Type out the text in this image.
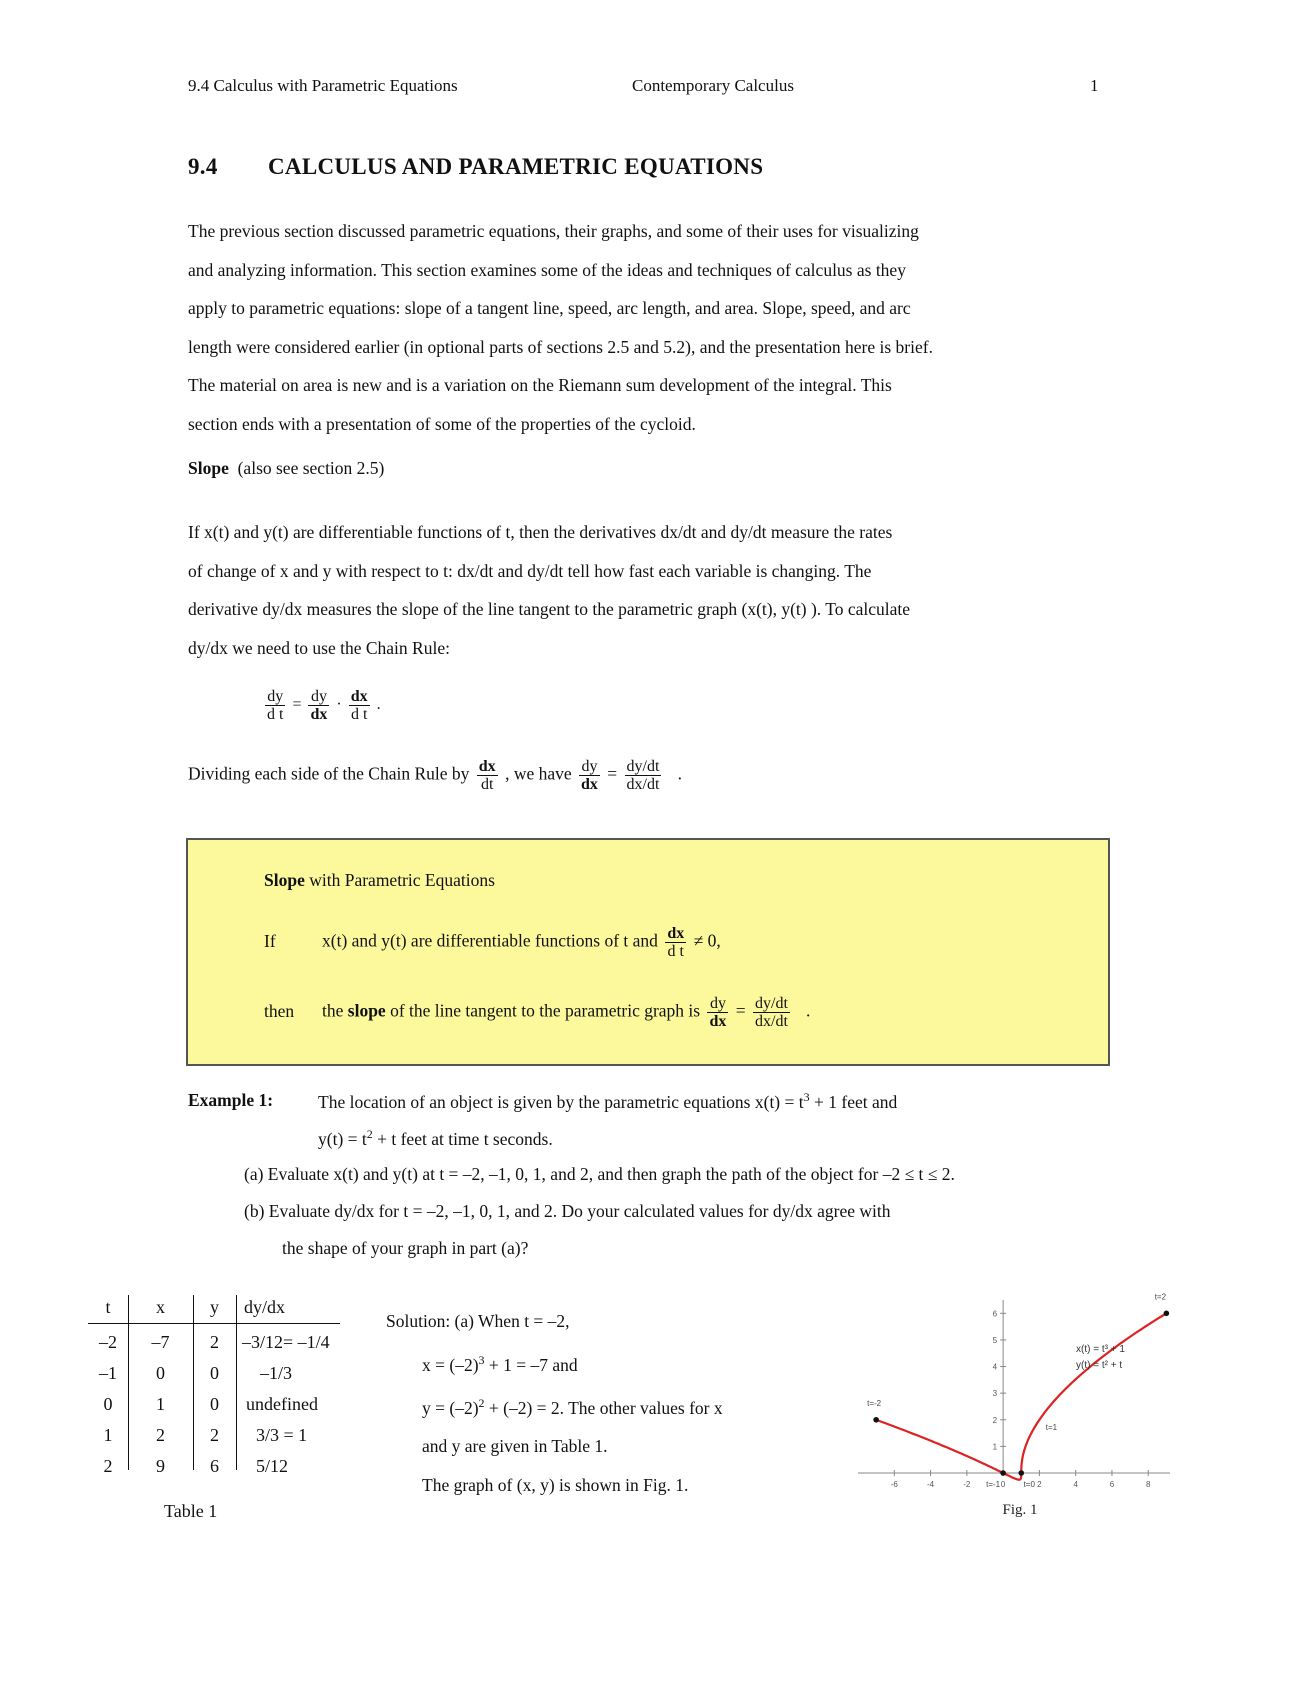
9.4 Calculus with Parametric Equations	Contemporary Calculus	1
9.4 CALCULUS AND PARAMETRIC EQUATIONS
The previous section discussed parametric equations, their graphs, and some of their uses for visualizing
and analyzing information. This section examines some of the ideas and techniques of calculus as they
apply to parametric equations: slope of a tangent line, speed, arc length, and area. Slope, speed, and arc
length were considered earlier (in optional parts of sections 2.5 and 5.2), and the presentation here is brief.
The material on area is new and is a variation on the Riemann sum development of the integral. This
section ends with a presentation of some of the properties of the cycloid.
Slope (also see section 2.5)
If x(t) and y(t) are differentiable functions of t, then the derivatives dx/dt and dy/dt measure the rates
of change of x and y with respect to t: dx/dt and dy/dt tell how fast each variable is changing. The
derivative dy/dx measures the slope of the line tangent to the parametric graph (x(t), y(t) ). To calculate
dy/dx we need to use the Chain Rule:
$\frac{dy}{\text{d t}} = \frac{dy}{dx} \cdot \frac{dx}{\text{d t}}$ .
Dividing each side of the Chain Rule by $\frac{dx}{dt}$ , we have $\frac{dy}{dx} = \frac{dy/dt}{dx/dt}$ .
Slope with Parametric Equations
If	x(t) and y(t) are differentiable functions of t and $\frac{dx}{\text{d t}} \ne 0$,
then the slope of the line tangent to the parametric graph is $\frac{dy}{dx} = \frac{dy/dt}{dx/dt}$ .
Example 1:	The location of an object is given by the parametric equations $x(t) = t^3 + 1$ feet and
$y(t) = t^2 + t$ feet at time t seconds.
(a) Evaluate x(t) and y(t) at t = –2, –1, 0, 1, and 2, and then graph the path of the object for –2 ≤ t ≤ 2.
(b) Evaluate dy/dx for t = –2, –1, 0, 1, and 2. Do your calculated values for dy/dx agree with
the shape of your graph in part (a)?
t	x	y	dy/dx
–2	–7	2	–3/12= –1/4
–1	0	0	–1/3
0	1	0	undefined
1	2	2	3/3 = 1
2	9	6	5/12
Table 1
Solution: (a) When t = –2,
$x = (-2)^3 + 1 = -7$ and
$y = (-2)^2 + (-2) = 2$. The other values for x
and y are given in Table 1.
The graph of (x, y) is shown in Fig. 1.	-6	-4	-2	0	2	4	6	8
1
2
3
4
5
6
t=-2
t=-1	t=0
t=1
t=2
x(t) = t³ + 1
y(t) = t² + t
Fig. 1
